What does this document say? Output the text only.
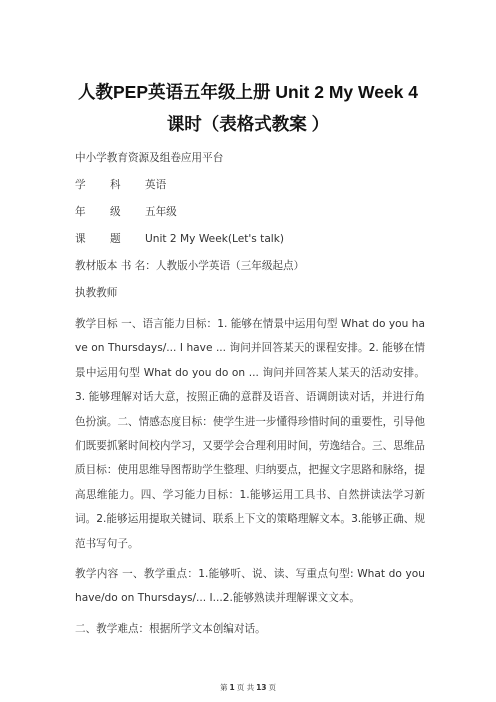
人教PEP英语五年级上册 Unit 2 My Week 4
课时（表格式教案 ）
中小学教育资源及组卷应用平台
学 科 英语
年 级 五年级
课 题 Unit 2 My Week(Let's talk)
教材版本 书 名：人教版小学英语（三年级起点）
执教教师
教学目标 一、语言能力目标：1. 能够在情景中运用句型 What do you have on Thursdays/... I have ... 询问并回答某天的课程安排。2. 能够在情景中运用句型 What do you do on ... 询问并回答某人某天的活动安排。3. 能够理解对话大意，按照正确的意群及语音、语调朗读对话，并进行角色扮演。二、情感态度目标：使学生进一步懂得珍惜时间的重要性，引导他们既要抓紧时间校内学习，又要学会合理利用时间，劳逸结合。三、思维品质目标：使用思维导图帮助学生整理、归纳要点，把握文字思路和脉络，提高思维能力。四、学习能力目标：1.能够运用工具书、自然拼读法学习新词。2.能够运用提取关键词、联系上下文的策略理解文本。3.能够正确、规范书写句子。
教学内容 一、教学重点：1.能够听、说、读、写重点句型: What do you have/do on Thursdays/... I...2.能够熟读并理解课文文本。
二、教学难点：根据所学文本创编对话。
第 1 页 共 13 页
